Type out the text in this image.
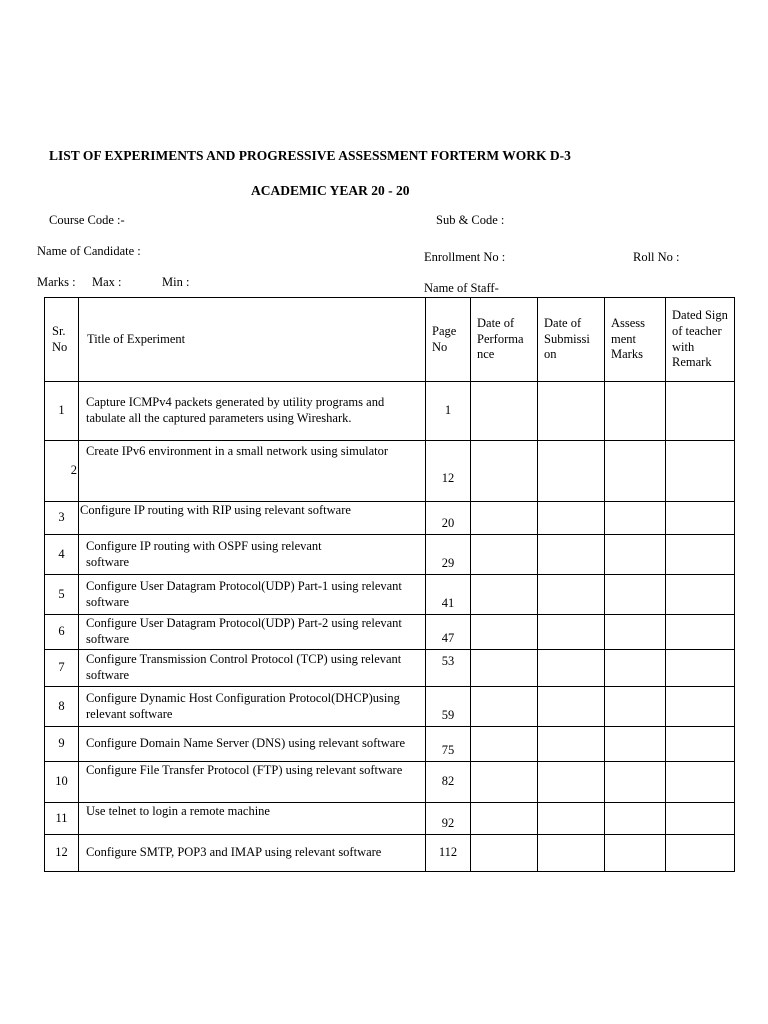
LIST OF EXPERIMENTS AND PROGRESSIVE ASSESSMENT FORTERM WORK D-3
ACADEMIC YEAR 20 - 20
Course Code :-	Sub & Code :
Name of Candidate :	Enrollment No :	Roll No :
Marks : Max :	Min :	Name of Staff-
Sr. No	Title of Experiment	Page No	Date of Performa nce	Date of Submissi on	Assess ment Marks	Dated Sign of teacher with Remark
1	Capture ICMPv4 packets generated by utility programs and tabulate all the captured parameters using Wireshark.	1				
2	Create IPv6 environment in a small network using simulator	12				
3	Configure IP routing with RIP using relevant software	20				
4	Configure IP routing with OSPF using relevant software	29				
5	Configure User Datagram Protocol(UDP) Part-1 using relevant software	41				
6	Configure User Datagram Protocol(UDP) Part-2 using relevant software	47				
7	Configure Transmission Control Protocol (TCP) using relevant software	53				
8	Configure Dynamic Host Configuration Protocol(DHCP)using relevant software	59				
9	Configure Domain Name Server (DNS) using relevant software	75				
10	Configure File Transfer Protocol (FTP) using relevant software	82				
11	Use telnet to login a remote machine	92				
12	Configure SMTP, POP3 and IMAP using relevant software	112				
